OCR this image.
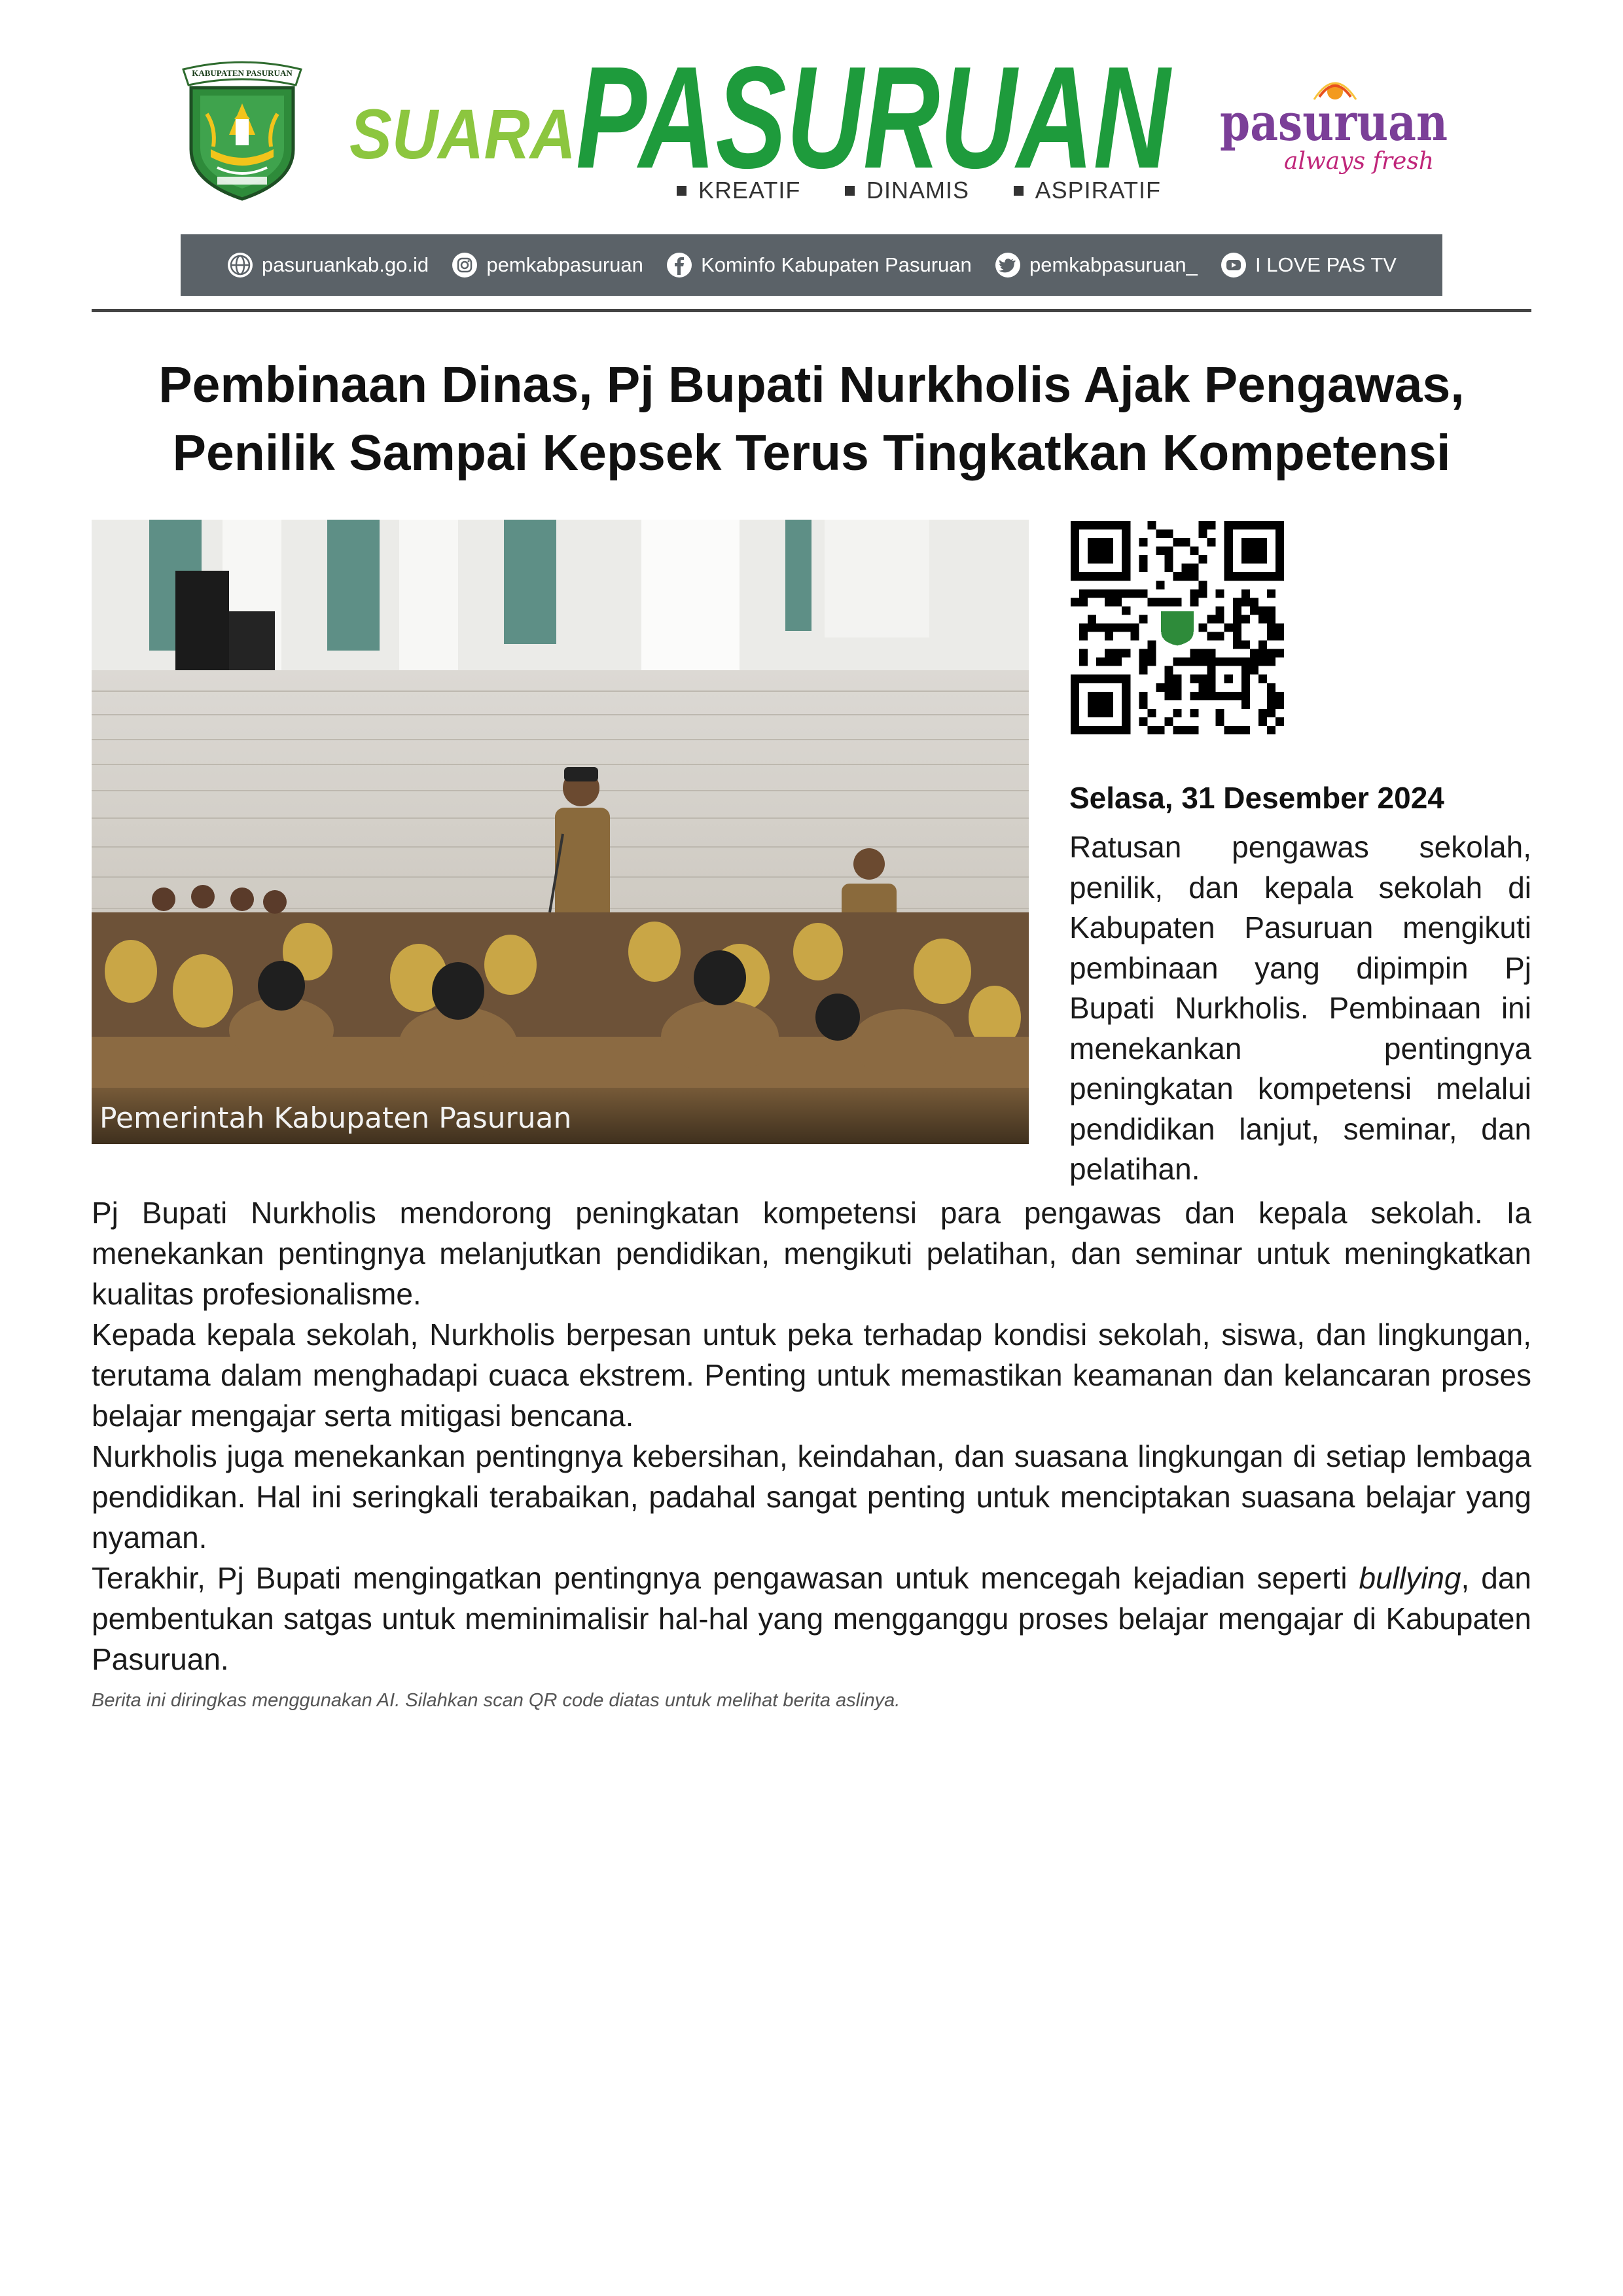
KABUPATEN PASURUAN
SUARA PASURUAN
KREATIF	DINAMIS	ASPIRATIF
pasuruan
always fresh
pasuruankab.go.id	pemkabpasuruan	Kominfo Kabupaten Pasuruan	pemkabpasuruan_	I LOVE PAS TV
Pembinaan Dinas, Pj Bupati Nurkholis Ajak Pengawas,
Penilik Sampai Kepsek Terus Tingkatkan Kompetensi
Pemerintah Kabupaten Pasuruan
Selasa, 31 Desember 2024

Ratusan pengawas sekolah, penilik, dan kepala sekolah di Kabupaten Pasuruan mengikuti pembinaan yang dipimpin Pj Bupati Nurkholis. Pembinaan ini menekankan pentingnya peningkatan kompetensi melalui pendidikan lanjut, seminar, dan pelatihan.

Pj Bupati Nurkholis mendorong peningkatan kompetensi para pengawas dan kepala sekolah. Ia menekankan pentingnya melanjutkan pendidikan, mengikuti pelatihan, dan seminar untuk meningkatkan kualitas profesionalisme.

Kepada kepala sekolah, Nurkholis berpesan untuk peka terhadap kondisi sekolah, siswa, dan lingkungan, terutama dalam menghadapi cuaca ekstrem. Penting untuk memastikan keamanan dan kelancaran proses belajar mengajar serta mitigasi bencana.

Nurkholis juga menekankan pentingnya kebersihan, keindahan, dan suasana lingkungan di setiap lembaga pendidikan. Hal ini seringkali terabaikan, padahal sangat penting untuk menciptakan suasana belajar yang nyaman.

Terakhir, Pj Bupati mengingatkan pentingnya pengawasan untuk mencegah kejadian seperti bullying, dan pembentukan satgas untuk meminimalisir hal-hal yang mengganggu proses belajar mengajar di Kabupaten Pasuruan.

Berita ini diringkas menggunakan AI. Silahkan scan QR code diatas untuk melihat berita aslinya.
